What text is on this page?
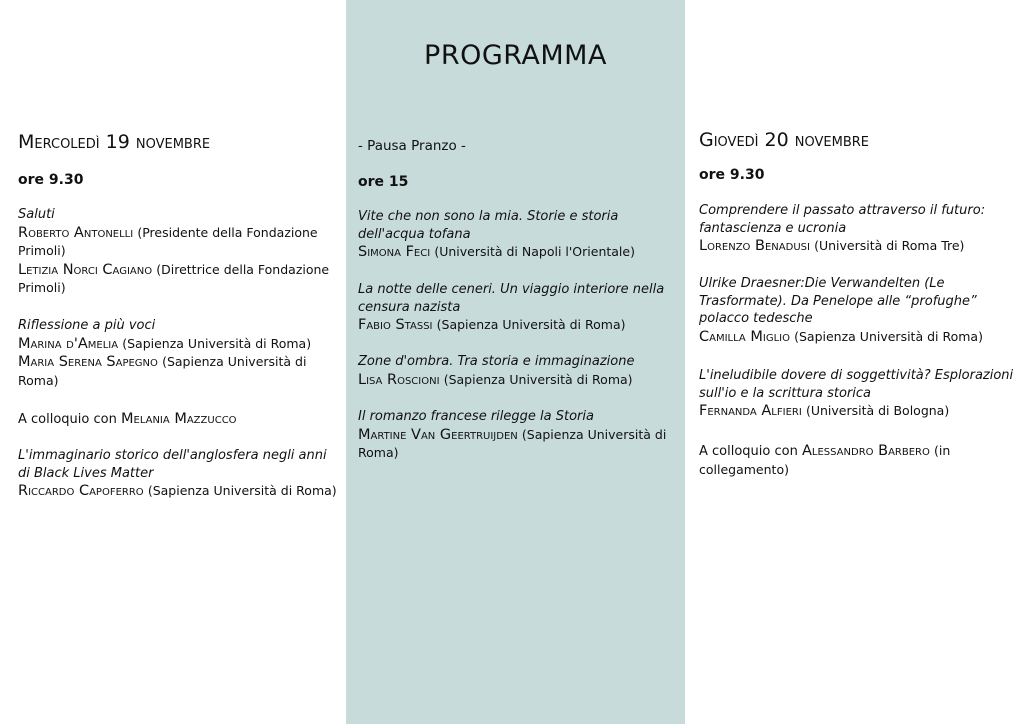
PROGRAMMA
Mercoledì 19 novembre
ore 9.30
Saluti
Roberto Antonelli (Presidente della Fondazione Primoli)
Letizia Norci Cagiano (Direttrice della Fondazione Primoli)
Riflessione a più voci
Marina d'Amelia (Sapienza Università di Roma)
Maria Serena Sapegno (Sapienza Università di Roma)
A colloquio con Melania Mazzucco
L'immaginario storico dell'anglosfera negli anni di Black Lives Matter
Riccardo Capoferro (Sapienza Università di Roma)
- Pausa Pranzo -
ore 15
Vite che non sono la mia. Storie e storia dell'acqua tofana
Simona Feci (Università di Napoli l'Orientale)
La notte delle ceneri. Un viaggio interiore nella censura nazista
Fabio Stassi (Sapienza Università di Roma)
Zone d'ombra. Tra storia e immaginazione
Lisa Roscioni (Sapienza Università di Roma)
Il romanzo francese rilegge la Storia
Martine Van Geertruijden (Sapienza Università di Roma)
Giovedì 20 novembre
ore 9.30
Comprendere il passato attraverso il futuro: fantascienza e ucronia
Lorenzo Benadusi (Università di Roma Tre)
Ulrike Draesner:Die Verwandelten (Le Trasformate). Da Penelope alle “profughe” polacco tedesche
Camilla Miglio (Sapienza Università di Roma)
L'ineludibile dovere di soggettività? Esplorazioni sull'io e la scrittura storica
Fernanda Alfieri (Università di Bologna)
A colloquio con Alessandro Barbero (in collegamento)
